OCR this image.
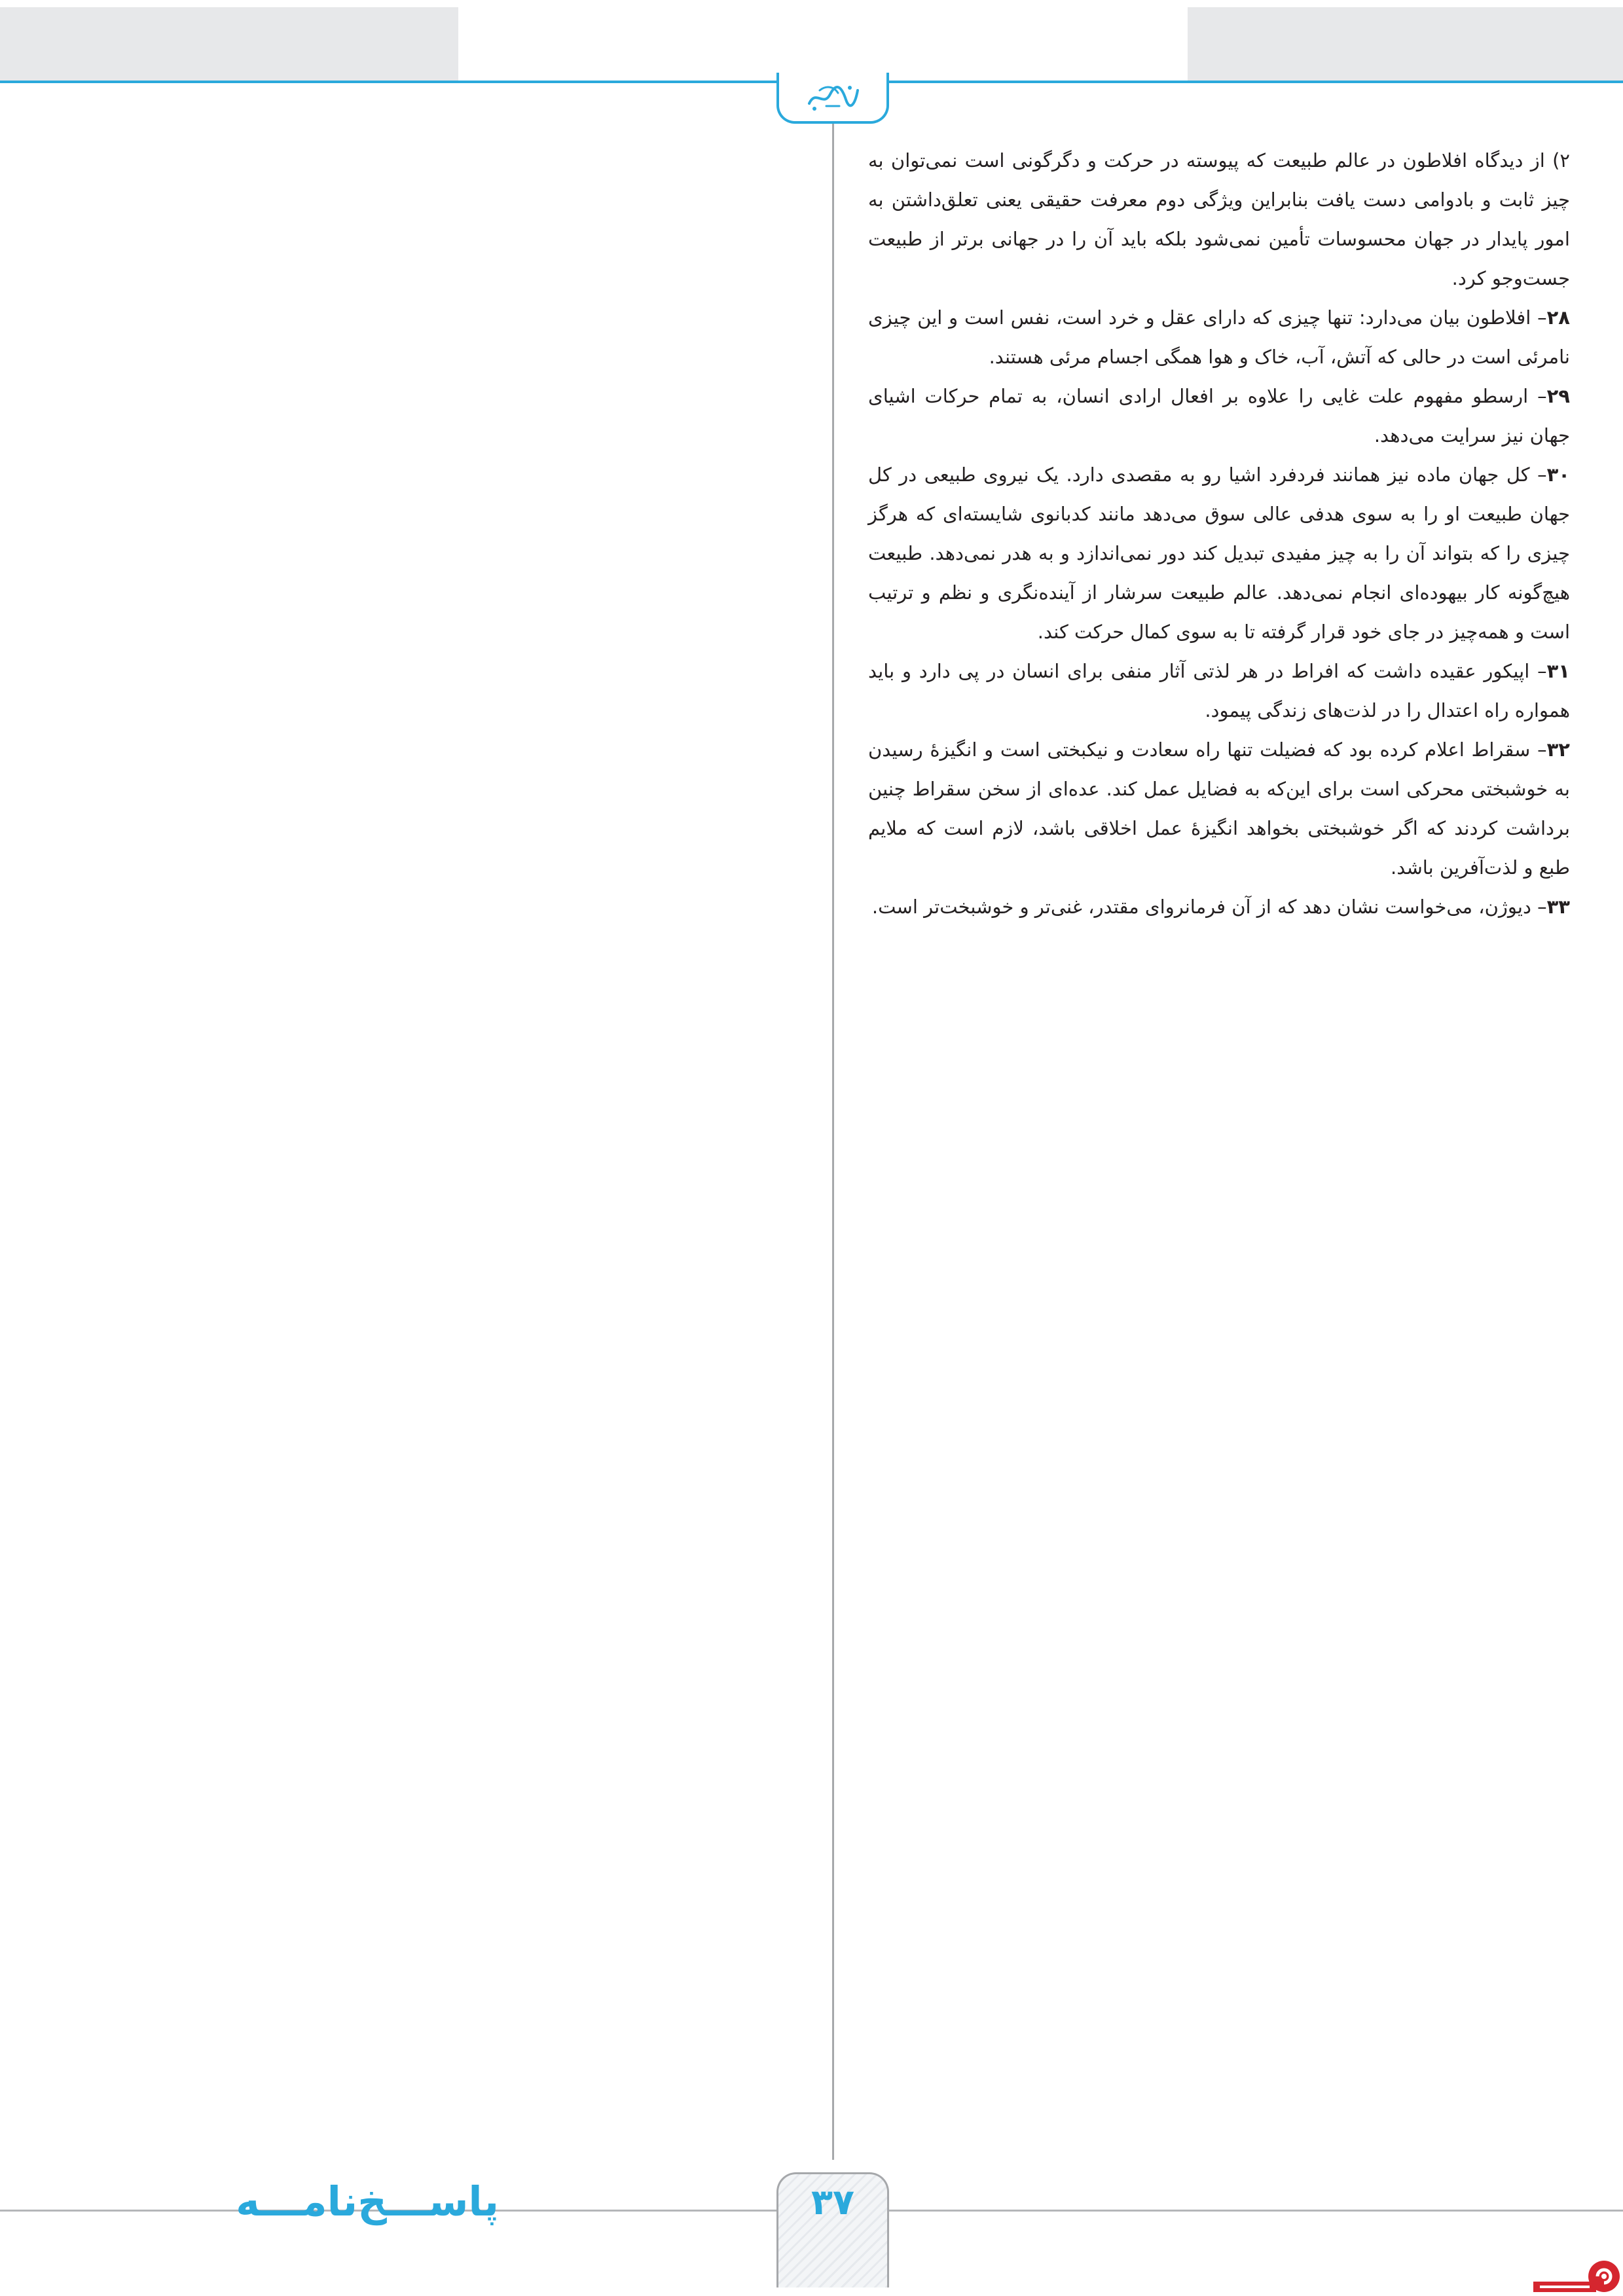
۲) از دیدگاه افلاطون در عالم طبیعت که پیوسته در حرکت و دگرگونی است نمی‌توان به چیز ثابت و بادوامی دست یافت بنابراین ویژگی دوم معرفت حقیقی یعنی تعلق‌داشتن به امور پایدار در جهان محسوسات تأمین نمی‌شود بلکه باید آن را در جهانی برتر از طبیعت جست‌وجو کرد.

۲۸– افلاطون بیان می‌دارد: تنها چیزی که دارای عقل و خرد است، نفس است و این چیزی نامرئی است در حالی که آتش، آب، خاک و هوا همگی اجسام مرئی هستند.

۲۹– ارسطو مفهوم علت غایی را علاوه بر افعال ارادی انسان، به تمام حرکات اشیای جهان نیز سرایت می‌دهد.

۳۰– کل جهان ماده نیز همانند فردفرد اشیا رو به مقصدی دارد. یک نیروی طبیعی در کل جهان طبیعت او را به سوی هدفی عالی سوق می‌دهد مانند کدبانوی شایسته‌ای که هرگز چیزی را که بتواند آن را به چیز مفیدی تبدیل کند دور نمی‌اندازد و به هدر نمی‌دهد. طبیعت هیچ‌گونه کار بیهوده‌ای انجام نمی‌دهد. عالم طبیعت سرشار از آینده‌نگری و نظم و ترتیب است و همه‌چیز در جای خود قرار گرفته تا به سوی کمال حرکت کند.

۳۱– اپیکور عقیده داشت که افراط در هر لذتی آثار منفی برای انسان در پی دارد و باید همواره راه اعتدال را در لذت‌های زندگی پیمود.

۳۲– سقراط اعلام کرده بود که فضیلت تنها راه سعادت و نیکبختی است و انگیزهٔ رسیدن به خوشبختی محرکی است برای این‌که به فضایل عمل کند. عده‌ای از سخن سقراط چنین برداشت کردند که اگر خوشبختی بخواهد انگیزهٔ عمل اخلاقی باشد، لازم است که ملایم طبع و لذت‌آفرین باشد.

۳۳– دیوژن، می‌خواست نشان دهد که از آن فرمانروای مقتدر، غنی‌تر و خوشبخت‌تر است.

۳۷
پاســـخ‌نامـــه
